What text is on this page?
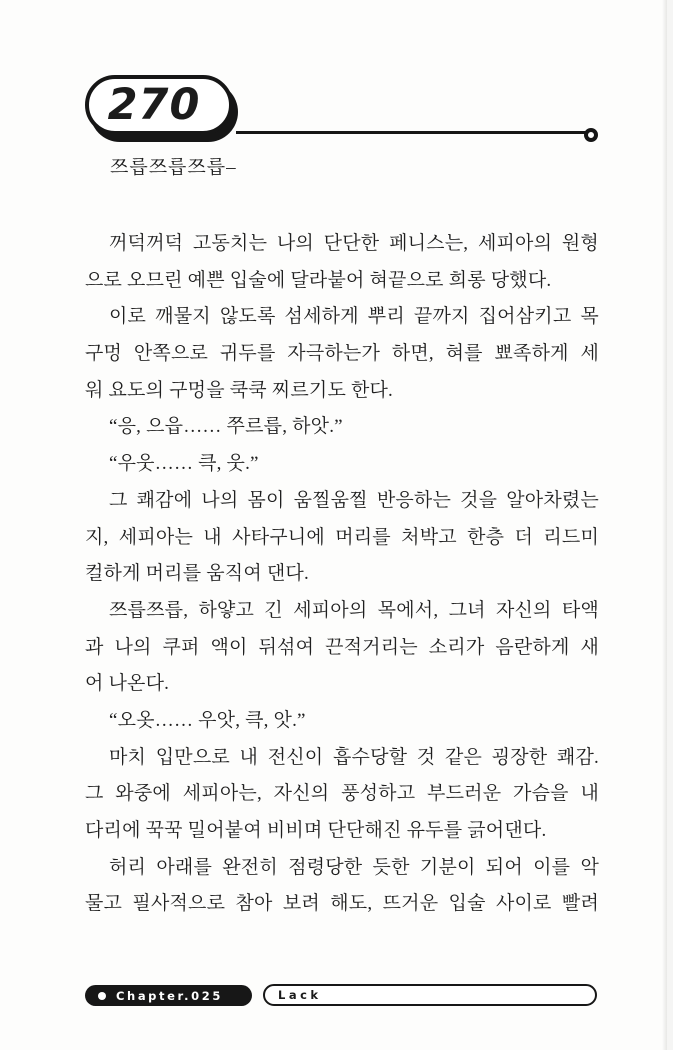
270
쯔릅쯔릅쯔릅–
꺼덕꺼덕 고동치는 나의 단단한 페니스는, 세피아의 원형
으로 오므린 예쁜 입술에 달라붙어 혀끝으로 희롱 당했다.
이로 깨물지 않도록 섬세하게 뿌리 끝까지 집어삼키고 목
구멍 안쪽으로 귀두를 자극하는가 하면, 혀를 뾰족하게 세
워 요도의 구멍을 쿡쿡 찌르기도 한다.
“응, 으읍…… 쭈르릅, 하앗.”
“우웃…… 큭, 웃.”
그 쾌감에 나의 몸이 움찔움찔 반응하는 것을 알아차렸는
지, 세피아는 내 사타구니에 머리를 처박고 한층 더 리드미
컬하게 머리를 움직여 댄다.
쯔릅쯔릅, 하얗고 긴 세피아의 목에서, 그녀 자신의 타액
과 나의 쿠퍼 액이 뒤섞여 끈적거리는 소리가 음란하게 새
어 나온다.
“오옷…… 우앗, 큭, 앗.”
마치 입만으로 내 전신이 흡수당할 것 같은 굉장한 쾌감.
그 와중에 세피아는, 자신의 풍성하고 부드러운 가슴을 내
다리에 꾹꾹 밀어붙여 비비며 단단해진 유두를 긁어댄다.
허리 아래를 완전히 점령당한 듯한 기분이 되어 이를 악
물고 필사적으로 참아 보려 해도, 뜨거운 입술 사이로 빨려
Chapter.025	Lack
